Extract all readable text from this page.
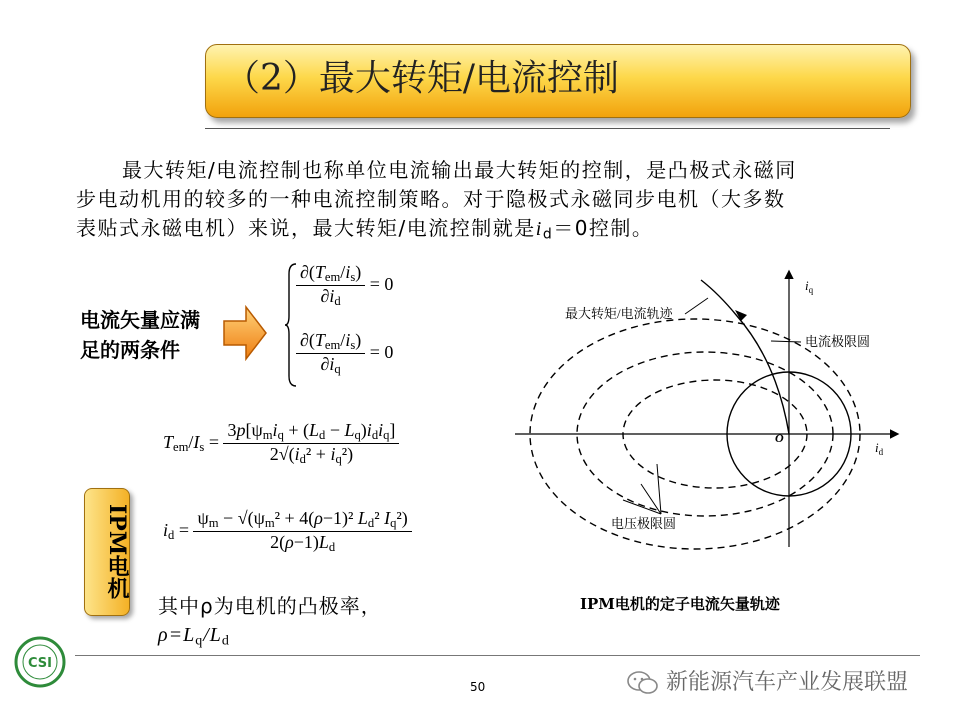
（2）最大转矩/电流控制
最大转矩/电流控制也称单位电流输出最大转矩的控制，是凸极式永磁同
步电动机用的较多的一种电流控制策略。对于隐极式永磁同步电机（大多数
表贴式永磁电机）来说，最大转矩/电流控制就是$i_d=0$控制。
电流矢量应满足的两条件
$\frac{\partial(T_{em}/i_s)}{\partial i_d} = 0$
$\frac{\partial(T_{em}/i_s)}{\partial i_q} = 0$
$T_{em}/I_s = \frac{3p[\psi_mi_q + (L_d - L_q)i_di_q]}{2√(i_d^2 + i_q^2)}$
$i_d = \frac{\psi_m - √(\psi_m^2 + 4(\rho-1)^2 L_d^2 I_q^2)}{2(\rho-1)L_d}$
IPM电机
其中ρ为电机的凸极率，
$\rho=L_q/L_d$
最大转矩/电流轨迹
电流极限圆
电压极限圆
$i_q$
$i_d$
O
IPM电机的定子电流矢量轨迹
CSI
50	新能源汽车产业发展联盟
